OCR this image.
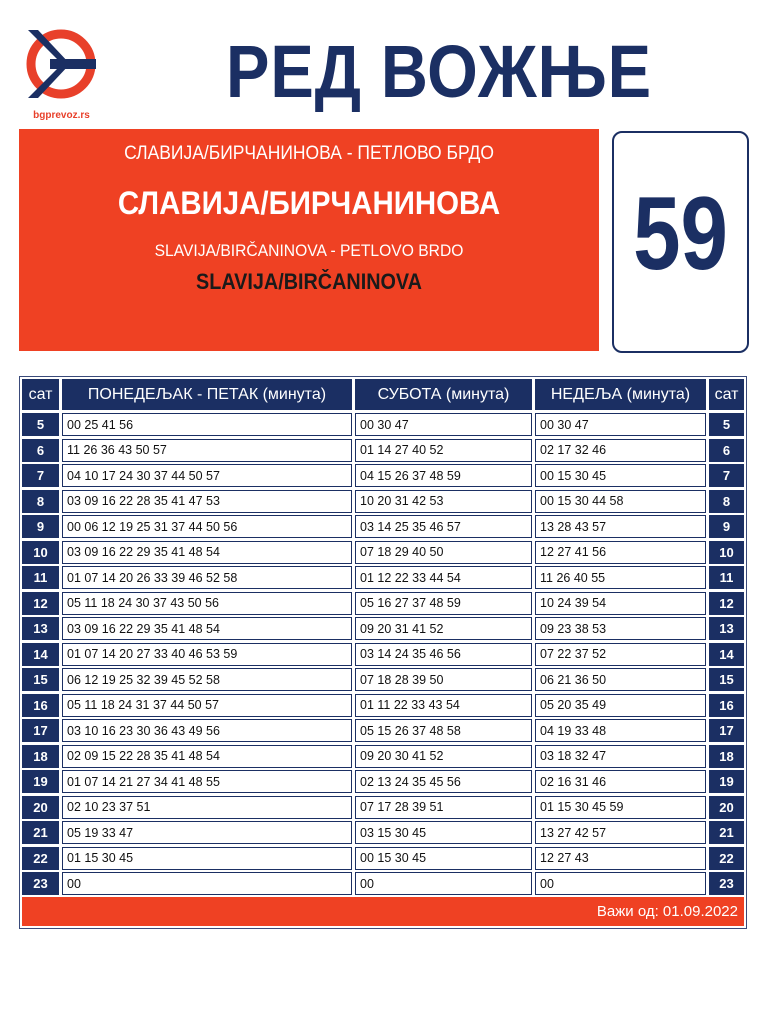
bgprevoz.rs
РЕД ВОЖЊЕ
СЛАВИЈА/БИРЧАНИНОВА - ПЕТЛОВО БРДО
СЛАВИЈА/БИРЧАНИНОВА
SLAVIJA/BIRČANINOVA - PETLOVO BRDO
SLAVIJA/BIRČANINOVA	59
сат	ПОНЕДЕЉАК - ПЕТАК (минута)	СУБОТА (минута)	НЕДЕЉА (минута)	сат
5	00 25 41 56	00 30 47	00 30 47	5
6	11 26 36 43 50 57	01 14 27 40 52	02 17 32 46	6
7	04 10 17 24 30 37 44 50 57	04 15 26 37 48 59	00 15 30 45	7
8	03 09 16 22 28 35 41 47 53	10 20 31 42 53	00 15 30 44 58	8
9	00 06 12 19 25 31 37 44 50 56	03 14 25 35 46 57	13 28 43 57	9
10	03 09 16 22 29 35 41 48 54	07 18 29 40 50	12 27 41 56	10
11	01 07 14 20 26 33 39 46 52 58	01 12 22 33 44 54	11 26 40 55	11
12	05 11 18 24 30 37 43 50 56	05 16 27 37 48 59	10 24 39 54	12
13	03 09 16 22 29 35 41 48 54	09 20 31 41 52	09 23 38 53	13
14	01 07 14 20 27 33 40 46 53 59	03 14 24 35 46 56	07 22 37 52	14
15	06 12 19 25 32 39 45 52 58	07 18 28 39 50	06 21 36 50	15
16	05 11 18 24 31 37 44 50 57	01 11 22 33 43 54	05 20 35 49	16
17	03 10 16 23 30 36 43 49 56	05 15 26 37 48 58	04 19 33 48	17
18	02 09 15 22 28 35 41 48 54	09 20 30 41 52	03 18 32 47	18
19	01 07 14 21 27 34 41 48 55	02 13 24 35 45 56	02 16 31 46	19
20	02 10 23 37 51	07 17 28 39 51	01 15 30 45 59	20
21	05 19 33 47	03 15 30 45	13 27 42 57	21
22	01 15 30 45	00 15 30 45	12 27 43	22
23	00	00	00	23
Важи од: 01.09.2022
